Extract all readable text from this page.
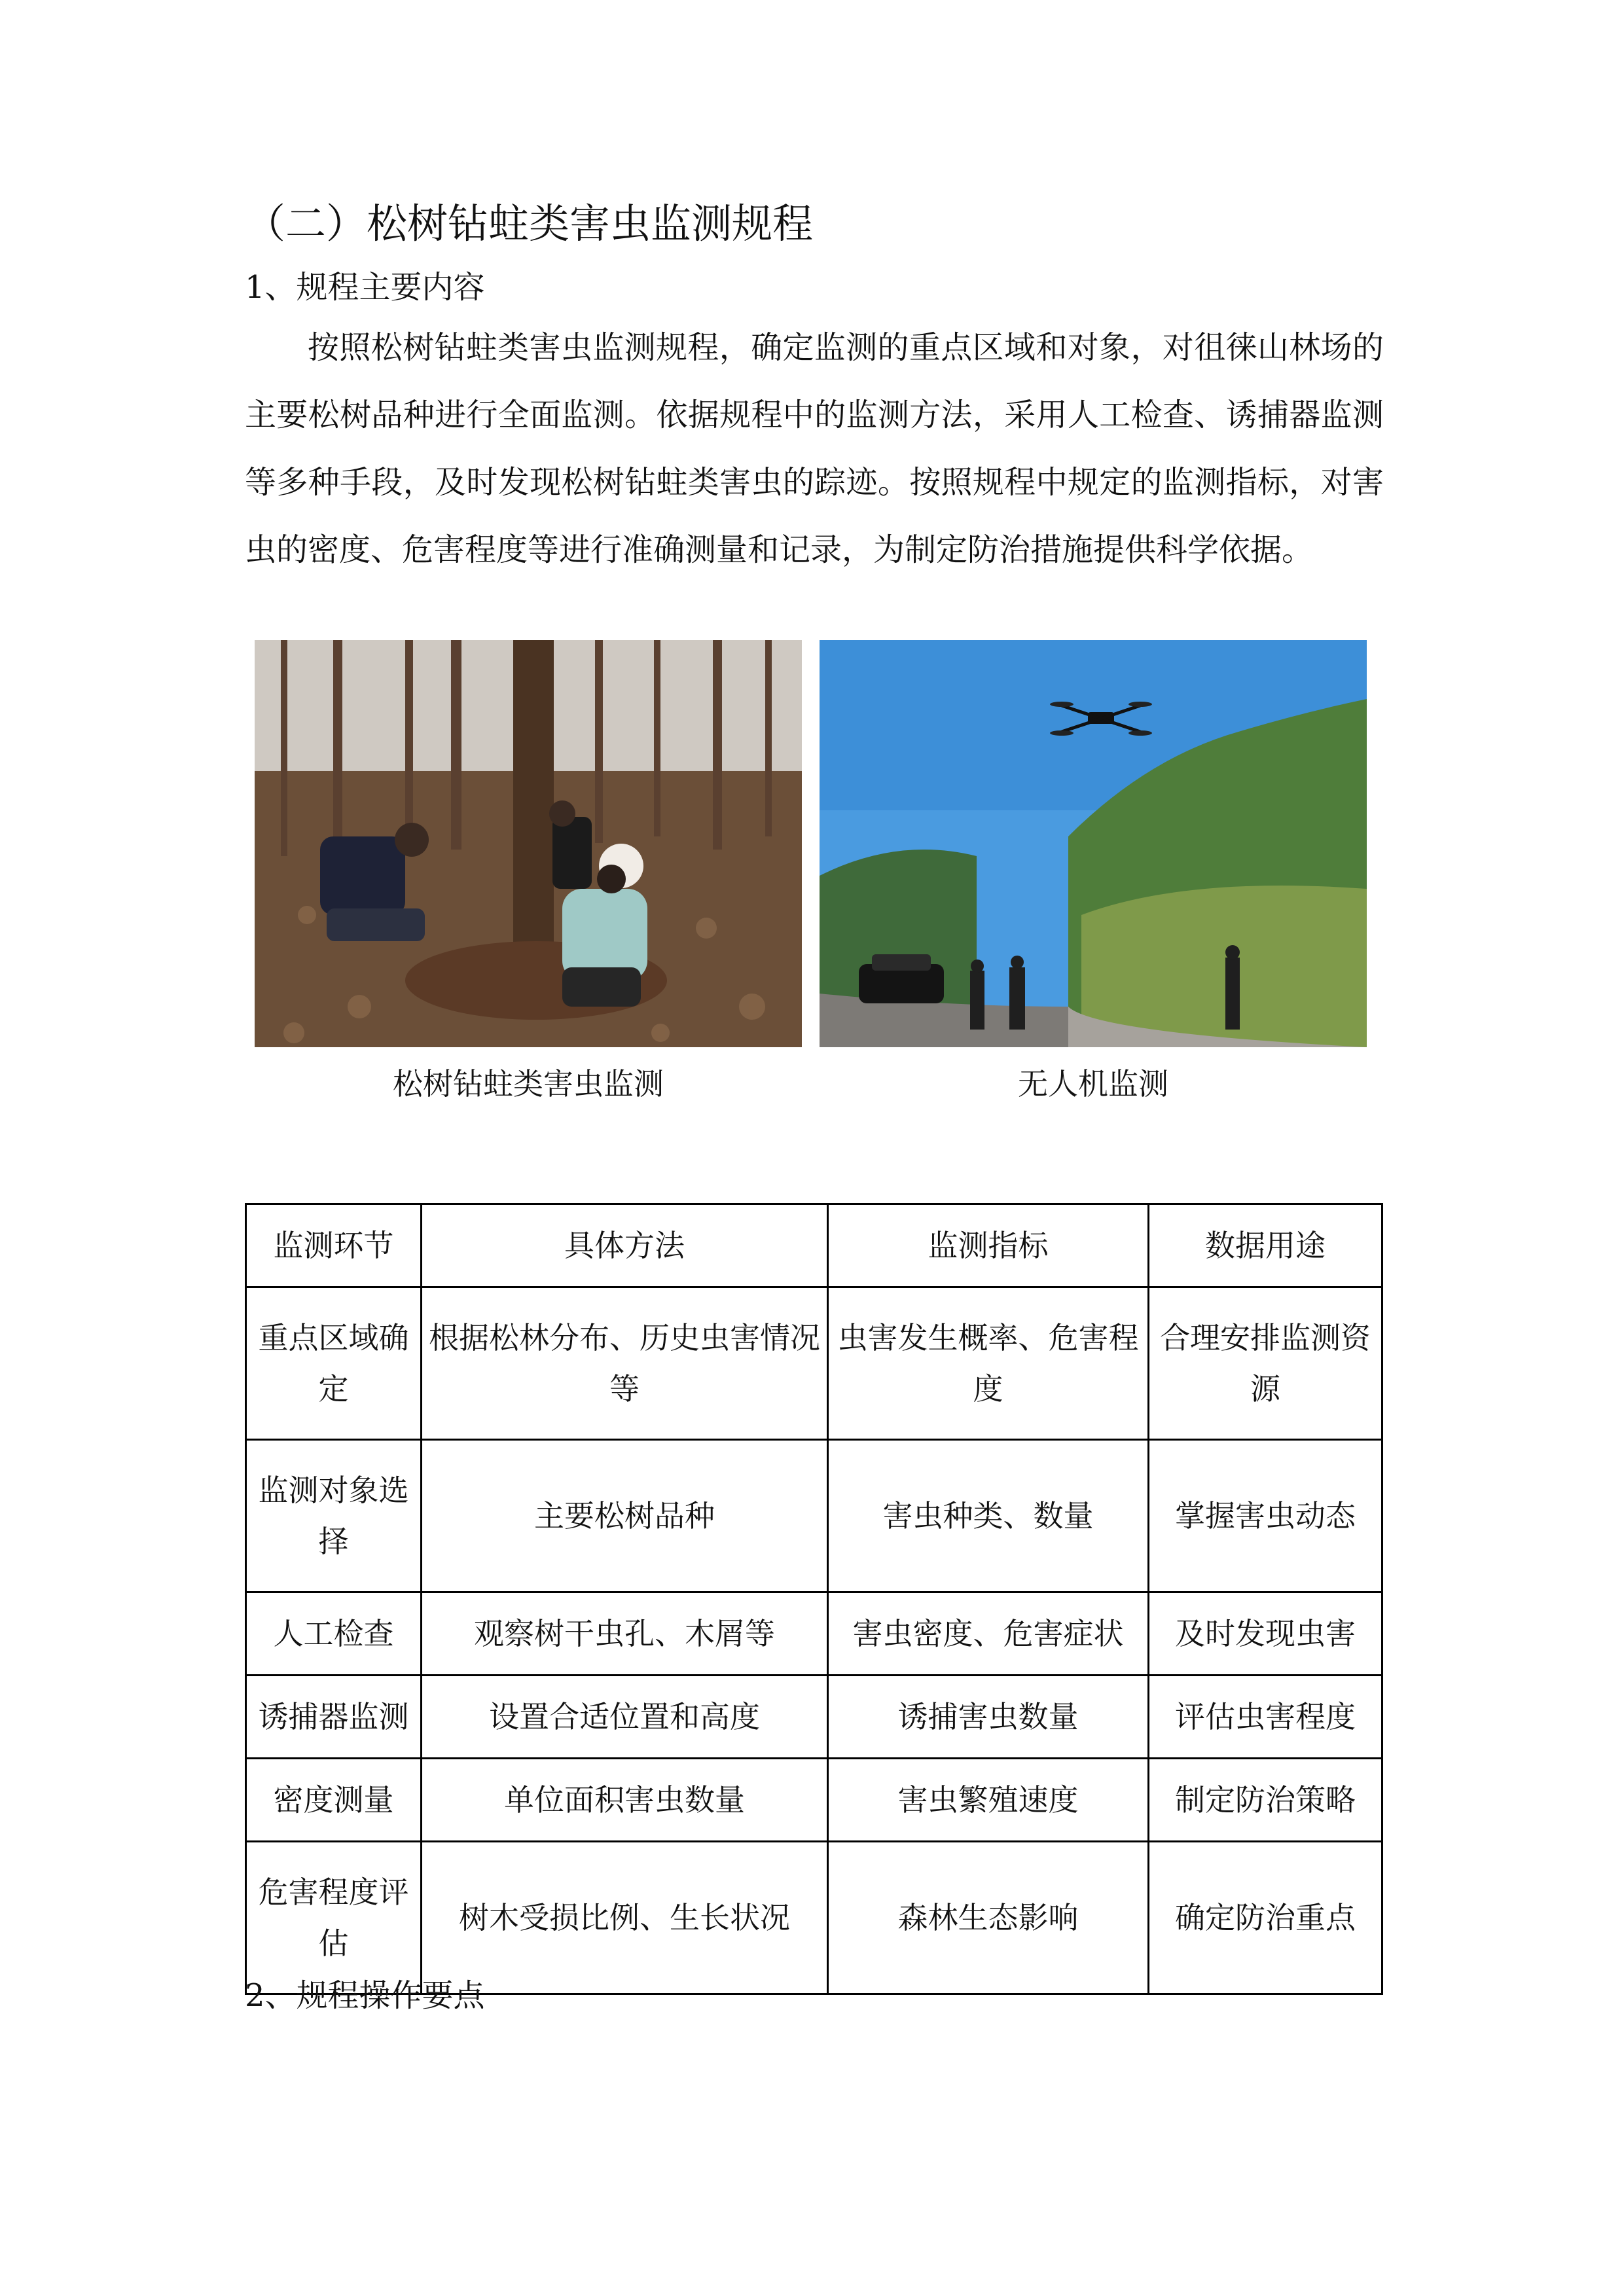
（二）松树钻蛀类害虫监测规程

1、规程主要内容

按照松树钻蛀类害虫监测规程，确定监测的重点区域和对象，对徂徕山林场的主要松树品种进行全面监测。依据规程中的监测方法，采用人工检查、诱捕器监测等多种手段，及时发现松树钻蛀类害虫的踪迹。按照规程中规定的监测指标，对害虫的密度、危害程度等进行准确测量和记录，为制定防治措施提供科学依据。

松树钻蛀类害虫监测	无人机监测

监测环节	具体方法	监测指标	数据用途
重点区域确定	根据松林分布、历史虫害情况等	虫害发生概率、危害程度	合理安排监测资源
监测对象选择	主要松树品种	害虫种类、数量	掌握害虫动态
人工检查	观察树干虫孔、木屑等	害虫密度、危害症状	及时发现虫害
诱捕器监测	设置合适位置和高度	诱捕害虫数量	评估虫害程度
密度测量	单位面积害虫数量	害虫繁殖速度	制定防治策略
危害程度评估	树木受损比例、生长状况	森林生态影响	确定防治重点

2、规程操作要点
